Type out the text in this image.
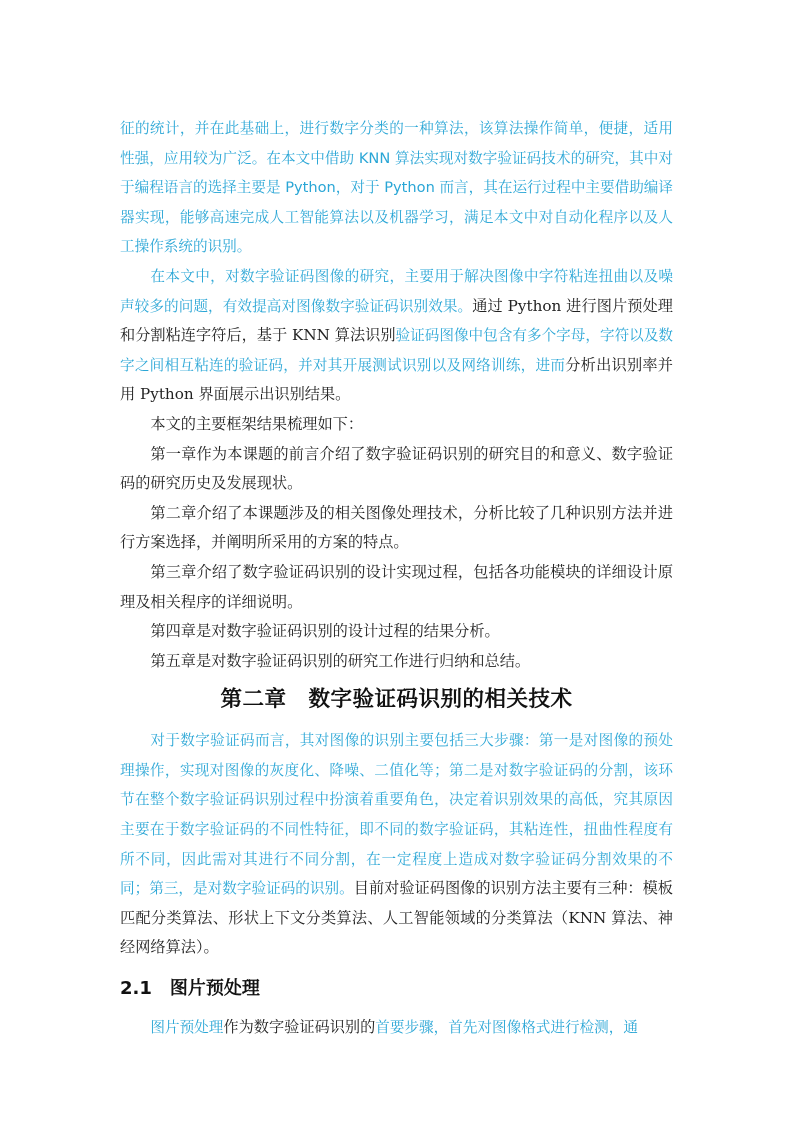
征的统计，并在此基础上，进行数字分类的一种算法，该算法操作简单，便捷，适用性强，应用较为广泛。在本文中借助 KNN 算法实现对数字验证码技术的研究，其中对于编程语言的选择主要是 Python，对于 Python 而言，其在运行过程中主要借助编译器实现，能够高速完成人工智能算法以及机器学习，满足本文中对自动化程序以及人工操作系统的识别。

在本文中，对数字验证码图像的研究，主要用于解决图像中字符粘连扭曲以及噪声较多的问题，有效提高对图像数字验证码识别效果。通过 Python 进行图片预处理和分割粘连字符后，基于 KNN 算法识别验证码图像中包含有多个字母，字符以及数字之间相互粘连的验证码，并对其开展测试识别以及网络训练，进而分析出识别率并用 Python 界面展示出识别结果。

本文的主要框架结果梳理如下：

第一章作为本课题的前言介绍了数字验证码识别的研究目的和意义、数字验证码的研究历史及发展现状。

第二章介绍了本课题涉及的相关图像处理技术，分析比较了几种识别方法并进行方案选择，并阐明所采用的方案的特点。

第三章介绍了数字验证码识别的设计实现过程，包括各功能模块的详细设计原理及相关程序的详细说明。

第四章是对数字验证码识别的设计过程的结果分析。

第五章是对数字验证码识别的研究工作进行归纳和总结。

第二章 数字验证码识别的相关技术

对于数字验证码而言，其对图像的识别主要包括三大步骤：第一是对图像的预处理操作，实现对图像的灰度化、降噪、二值化等；第二是对数字验证码的分割，该环节在整个数字验证码识别过程中扮演着重要角色，决定着识别效果的高低，究其原因主要在于数字验证码的不同性特征，即不同的数字验证码，其粘连性，扭曲性程度有所不同，因此需对其进行不同分割，在一定程度上造成对数字验证码分割效果的不同；第三，是对数字验证码的识别。目前对验证码图像的识别方法主要有三种：模板匹配分类算法、形状上下文分类算法、人工智能领域的分类算法（KNN 算法、神经网络算法）。

2.1 图片预处理

图片预处理作为数字验证码识别的首要步骤，首先对图像格式进行检测，通
